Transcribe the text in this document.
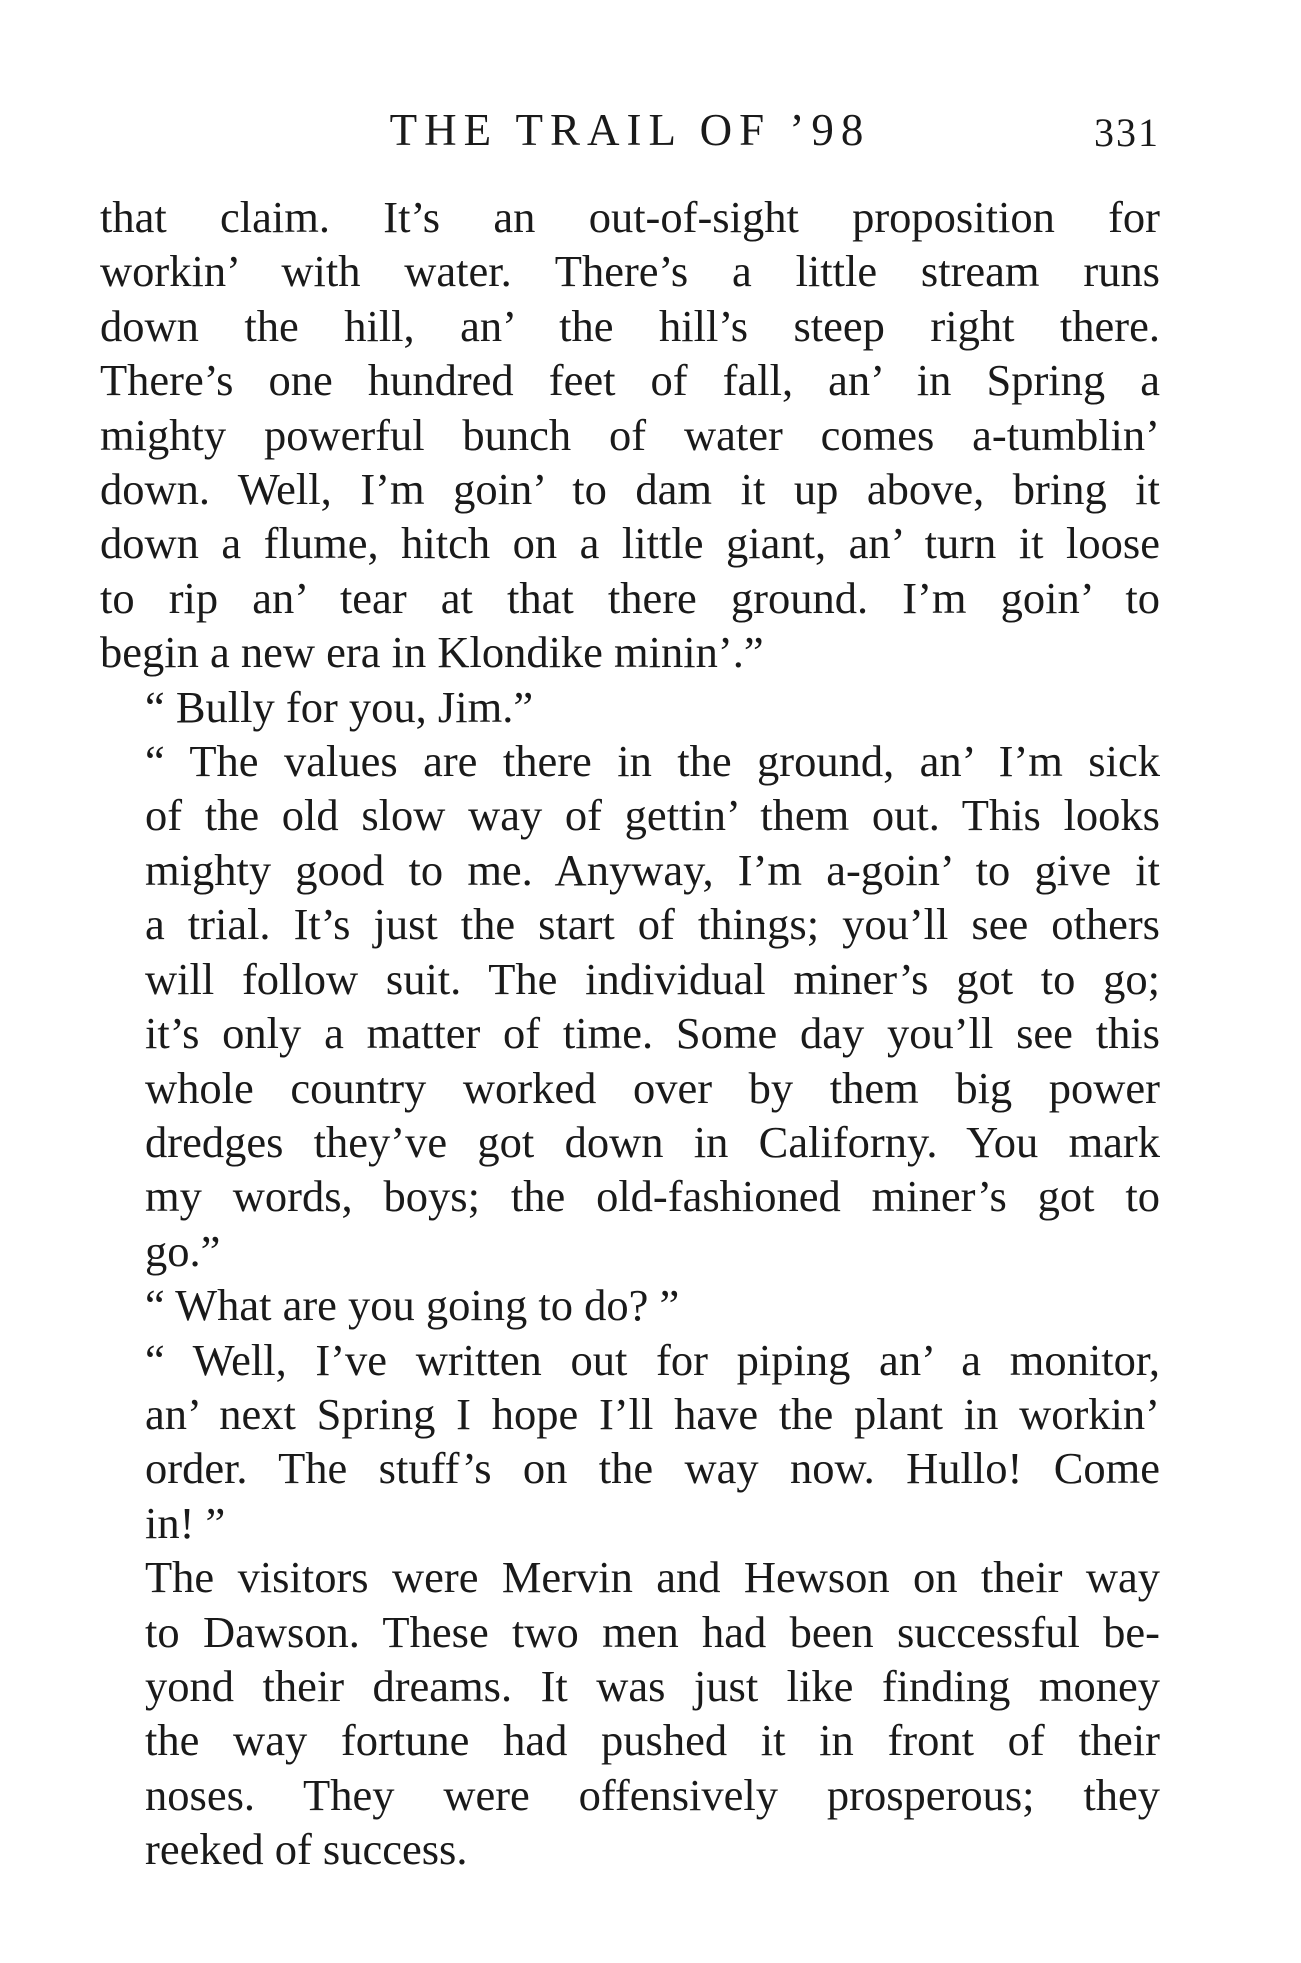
THE TRAIL OF ’98	331
that claim. It’s an out-of-sight proposition for
workin’ with water. There’s a little stream runs
down the hill, an’ the hill’s steep right there.
There’s one hundred feet of fall, an’ in Spring a
mighty powerful bunch of water comes a-tumblin’
down. Well, I’m goin’ to dam it up above, bring it
down a flume, hitch on a little giant, an’ turn it loose
to rip an’ tear at that there ground. I’m goin’ to
begin a new era in Klondike minin’.”
“ Bully for you, Jim.”
“ The values are there in the ground, an’ I’m sick
of the old slow way of gettin’ them out. This looks
mighty good to me. Anyway, I’m a-goin’ to give it
a trial. It’s just the start of things; you’ll see others
will follow suit. The individual miner’s got to go;
it’s only a matter of time. Some day you’ll see this
whole country worked over by them big power
dredges they’ve got down in Californy. You mark
my words, boys; the old-fashioned miner’s got to
go.”
“ What are you going to do? ”
“ Well, I’ve written out for piping an’ a monitor,
an’ next Spring I hope I’ll have the plant in workin’
order. The stuff’s on the way now. Hullo! Come
in! ”
The visitors were Mervin and Hewson on their way
to Dawson. These two men had been successful be-
yond their dreams. It was just like finding money
the way fortune had pushed it in front of their
noses. They were offensively prosperous; they
reeked of success.
